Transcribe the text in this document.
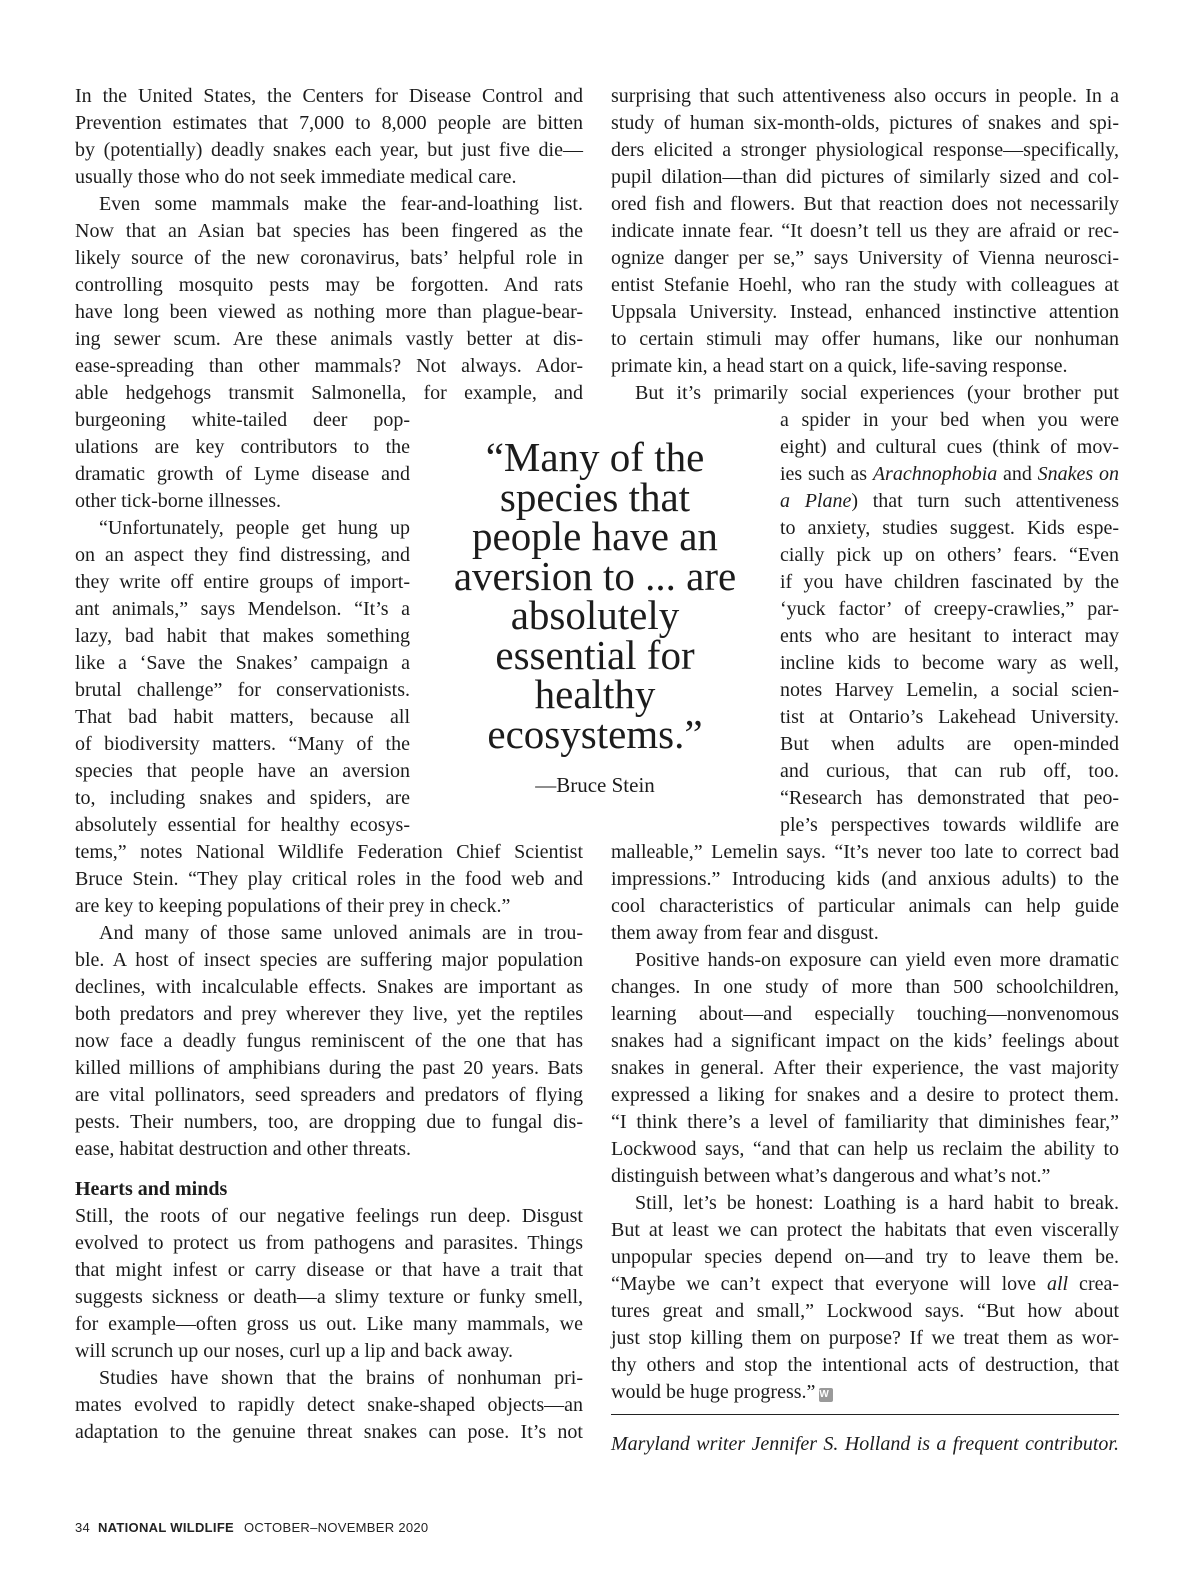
In the United States, the Centers for Disease Control and
Prevention estimates that 7,000 to 8,000 people are bitten
by (potentially) deadly snakes each year, but just five die—
usually those who do not seek immediate medical care.
Even some mammals make the fear-and-loathing list.
Now that an Asian bat species has been fingered as the
likely source of the new coronavirus, bats’ helpful role in
controlling mosquito pests may be forgotten. And rats
have long been viewed as nothing more than plague-bear-
ing sewer scum. Are these animals vastly better at dis-
ease-spreading than other mammals? Not always. Ador-
able hedgehogs transmit Salmonella, for example, and
burgeoning white-tailed deer pop-
ulations are key contributors to the
dramatic growth of Lyme disease and
other tick-borne illnesses.
“Unfortunately, people get hung up
on an aspect they find distressing, and
they write off entire groups of import-
ant animals,” says Mendelson. “It’s a
lazy, bad habit that makes something
like a ‘Save the Snakes’ campaign a
brutal challenge” for conservationists.
That bad habit matters, because all
of biodiversity matters. “Many of the
species that people have an aversion
to, including snakes and spiders, are
absolutely essential for healthy ecosys-
tems,” notes National Wildlife Federation Chief Scientist
Bruce Stein. “They play critical roles in the food web and
are key to keeping populations of their prey in check.”
And many of those same unloved animals are in trou-
ble. A host of insect species are suffering major population
declines, with incalculable effects. Snakes are important as
both predators and prey wherever they live, yet the reptiles
now face a deadly fungus reminiscent of the one that has
killed millions of amphibians during the past 20 years. Bats
are vital pollinators, seed spreaders and predators of flying
pests. Their numbers, too, are dropping due to fungal dis-
ease, habitat destruction and other threats.
Hearts and minds
Still, the roots of our negative feelings run deep. Disgust
evolved to protect us from pathogens and parasites. Things
that might infest or carry disease or that have a trait that
suggests sickness or death—a slimy texture or funky smell,
for example—often gross us out. Like many mammals, we
will scrunch up our noses, curl up a lip and back away.
Studies have shown that the brains of nonhuman pri-
mates evolved to rapidly detect snake-shaped objects—an
adaptation to the genuine threat snakes can pose. It’s not
surprising that such attentiveness also occurs in people. In a
study of human six-month-olds, pictures of snakes and spi-
ders elicited a stronger physiological response—specifically,
pupil dilation—than did pictures of similarly sized and col-
ored fish and flowers. But that reaction does not necessarily
indicate innate fear. “It doesn’t tell us they are afraid or rec-
ognize danger per se,” says University of Vienna neurosci-
entist Stefanie Hoehl, who ran the study with colleagues at
Uppsala University. Instead, enhanced instinctive attention
to certain stimuli may offer humans, like our nonhuman
primate kin, a head start on a quick, life-saving response.
But it’s primarily social experiences (your brother put
a spider in your bed when you were
eight) and cultural cues (think of mov-
ies such as Arachnophobia and Snakes on
a Plane) that turn such attentiveness
to anxiety, studies suggest. Kids espe-
cially pick up on others’ fears. “Even
if you have children fascinated by the
‘yuck factor’ of creepy-crawlies,” par-
ents who are hesitant to interact may
incline kids to become wary as well,
notes Harvey Lemelin, a social scien-
tist at Ontario’s Lakehead University.
But when adults are open-minded
and curious, that can rub off, too.
“Research has demonstrated that peo-
ple’s perspectives towards wildlife are
malleable,” Lemelin says. “It’s never too late to correct bad
impressions.” Introducing kids (and anxious adults) to the
cool characteristics of particular animals can help guide
them away from fear and disgust.
Positive hands-on exposure can yield even more dramatic
changes. In one study of more than 500 schoolchildren,
learning about—and especially touching—nonvenomous
snakes had a significant impact on the kids’ feelings about
snakes in general. After their experience, the vast majority
expressed a liking for snakes and a desire to protect them.
“I think there’s a level of familiarity that diminishes fear,”
Lockwood says, “and that can help us reclaim the ability to
distinguish between what’s dangerous and what’s not.”
Still, let’s be honest: Loathing is a hard habit to break.
But at least we can protect the habitats that even viscerally
unpopular species depend on—and try to leave them be.
“Maybe we can’t expect that everyone will love all crea-
tures great and small,” Lockwood says. “But how about
just stop killing them on purpose? If we treat them as wor-
thy others and stop the intentional acts of destruction, that
would be huge progress.” W
“Many of the
species that
people have an
aversion to ... are
absolutely
essential for
healthy
ecosystems.”
—Bruce Stein
Maryland writer Jennifer S. Holland is a frequent contributor.
34 NATIONAL WILDLIFE OCTOBER–NOVEMBER 2020
